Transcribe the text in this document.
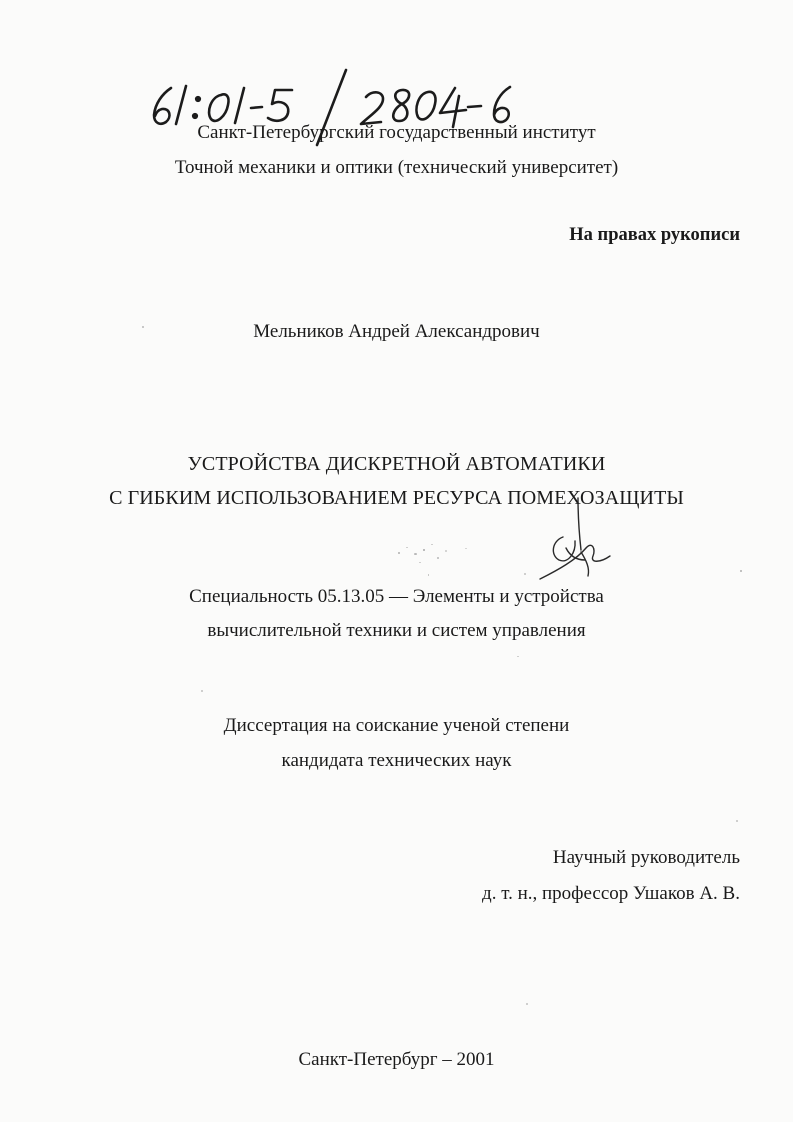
Санкт-Петербургский государственный институт
Точной механики и оптики (технический университет)
На правах рукописи
Мельников Андрей Александрович
УСТРОЙСТВА ДИСКРЕТНОЙ АВТОМАТИКИ
С ГИБКИМ ИСПОЛЬЗОВАНИЕМ РЕСУРСА ПОМЕХОЗАЩИТЫ
Специальность 05.13.05 — Элементы и устройства
вычислительной техники и систем управления
Диссертация на соискание ученой степени
кандидата технических наук
Научный руководитель
д. т. н., профессор Ушаков А. В.
Санкт-Петербург – 2001
